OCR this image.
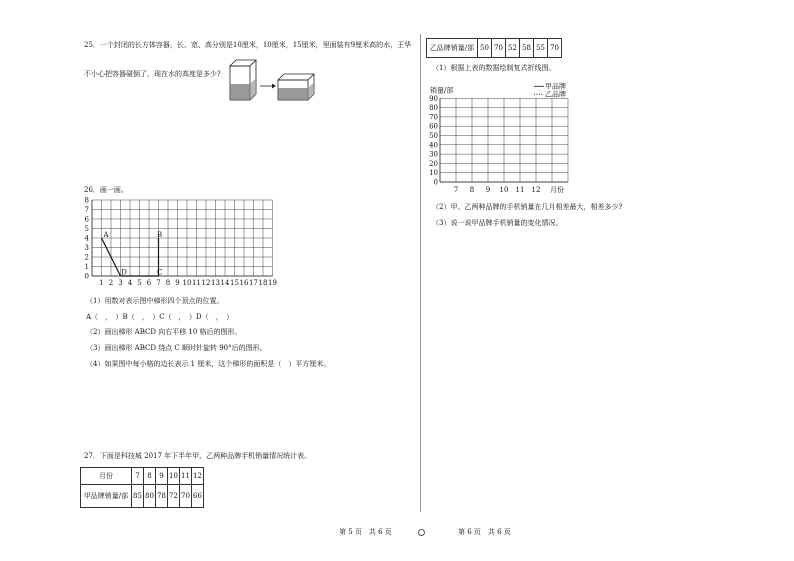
25．一个封闭的长方体容器，长、宽、高分别是10厘米，10厘米，15厘米，里面装有9厘米高的水，王华
不小心把容器碰倒了，现在水的高度是多少?
26．画一画。
1 2 3 4 5 6 7 8 9 10 11 12 13 14 15 16 17 18 19
0
1
2
3
4
5
6
7
8
A	B
C
D
（1）用数对表示图中梯形四个顶点的位置。
A（　，　）B（　，　）C（　，　）D（　，　）
（2）画出梯形 ABCD 向右平移 10 格后的图形。
（3）画出梯形 ABCD 绕点 C 顺时针旋转 90°后的图形。
（4）如果图中每小格的边长表示 1 厘米，这个梯形的面积是（　）平方厘米。
27．下面是科技城 2017 年下半年甲、乙两种品牌手机销量情况统计表。
月份	7	8	9	10	11	12
甲品牌销量/部	85	80	78	72	70	66
乙品牌销量/部	50	70	52	58	55	70
（1）根据上表的数据绘制复式折线图。
0
10
20
30
40
50
60
70
80
90
7 8 9 10 11 12 月份
销量/部	甲品牌
乙品牌
（2）甲、乙两种品牌的手机销量在几月相差最大，相差多少?
（3）说一说甲品牌手机销量的变化情况。
第 5 页　共 6 页	第 6 页　共 6 页
